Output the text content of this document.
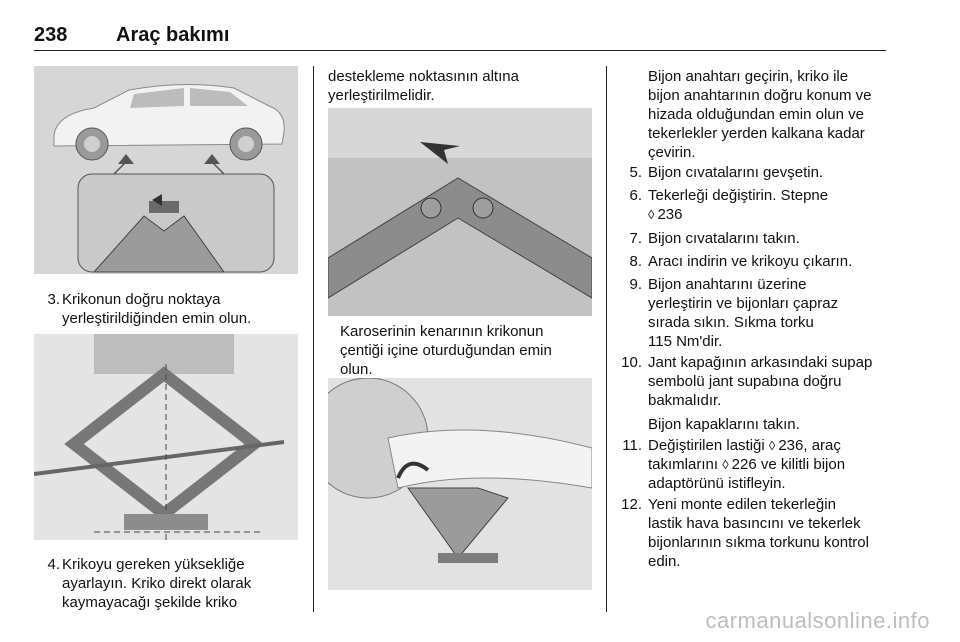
238 Araç bakımı
3. Krikonun doğru noktaya
yerleştirildiğinden emin olun.
4. Krikoyu gereken yüksekliğe
ayarlayın. Kriko direkt olarak
kaymayacağı şekilde kriko
destekleme noktasının altına
yerleştirilmelidir.
Karoserinin kenarının krikonun
çentiği içine oturduğundan emin
olun.
Bijon anahtarı geçirin, kriko ile
bijon anahtarının doğru konum ve
hizada olduğundan emin olun ve
tekerlekler yerden kalkana kadar
çevirin.
5. Bijon cıvatalarını gevşetin.
6. Tekerleği değiştirin. Stepne
◊ 236
7. Bijon cıvatalarını takın.
8. Aracı indirin ve krikoyu çıkarın.
9. Bijon anahtarını üzerine
yerleştirin ve bijonları çapraz
sırada sıkın. Sıkma torku
115 Nm'dir.
10. Jant kapağının arkasındaki supap
sembolü jant supabına doğru
bakmalıdır.
Bijon kapaklarını takın.
11. Değiştirilen lastiği ◊ 236, araç
takımlarını ◊ 226 ve kilitli bijon
adaptörünü istifleyin.
12. Yeni monte edilen tekerleğin
lastik hava basıncını ve tekerlek
bijonlarının sıkma torkunu kontrol
edin.
carmanualsonline.info
